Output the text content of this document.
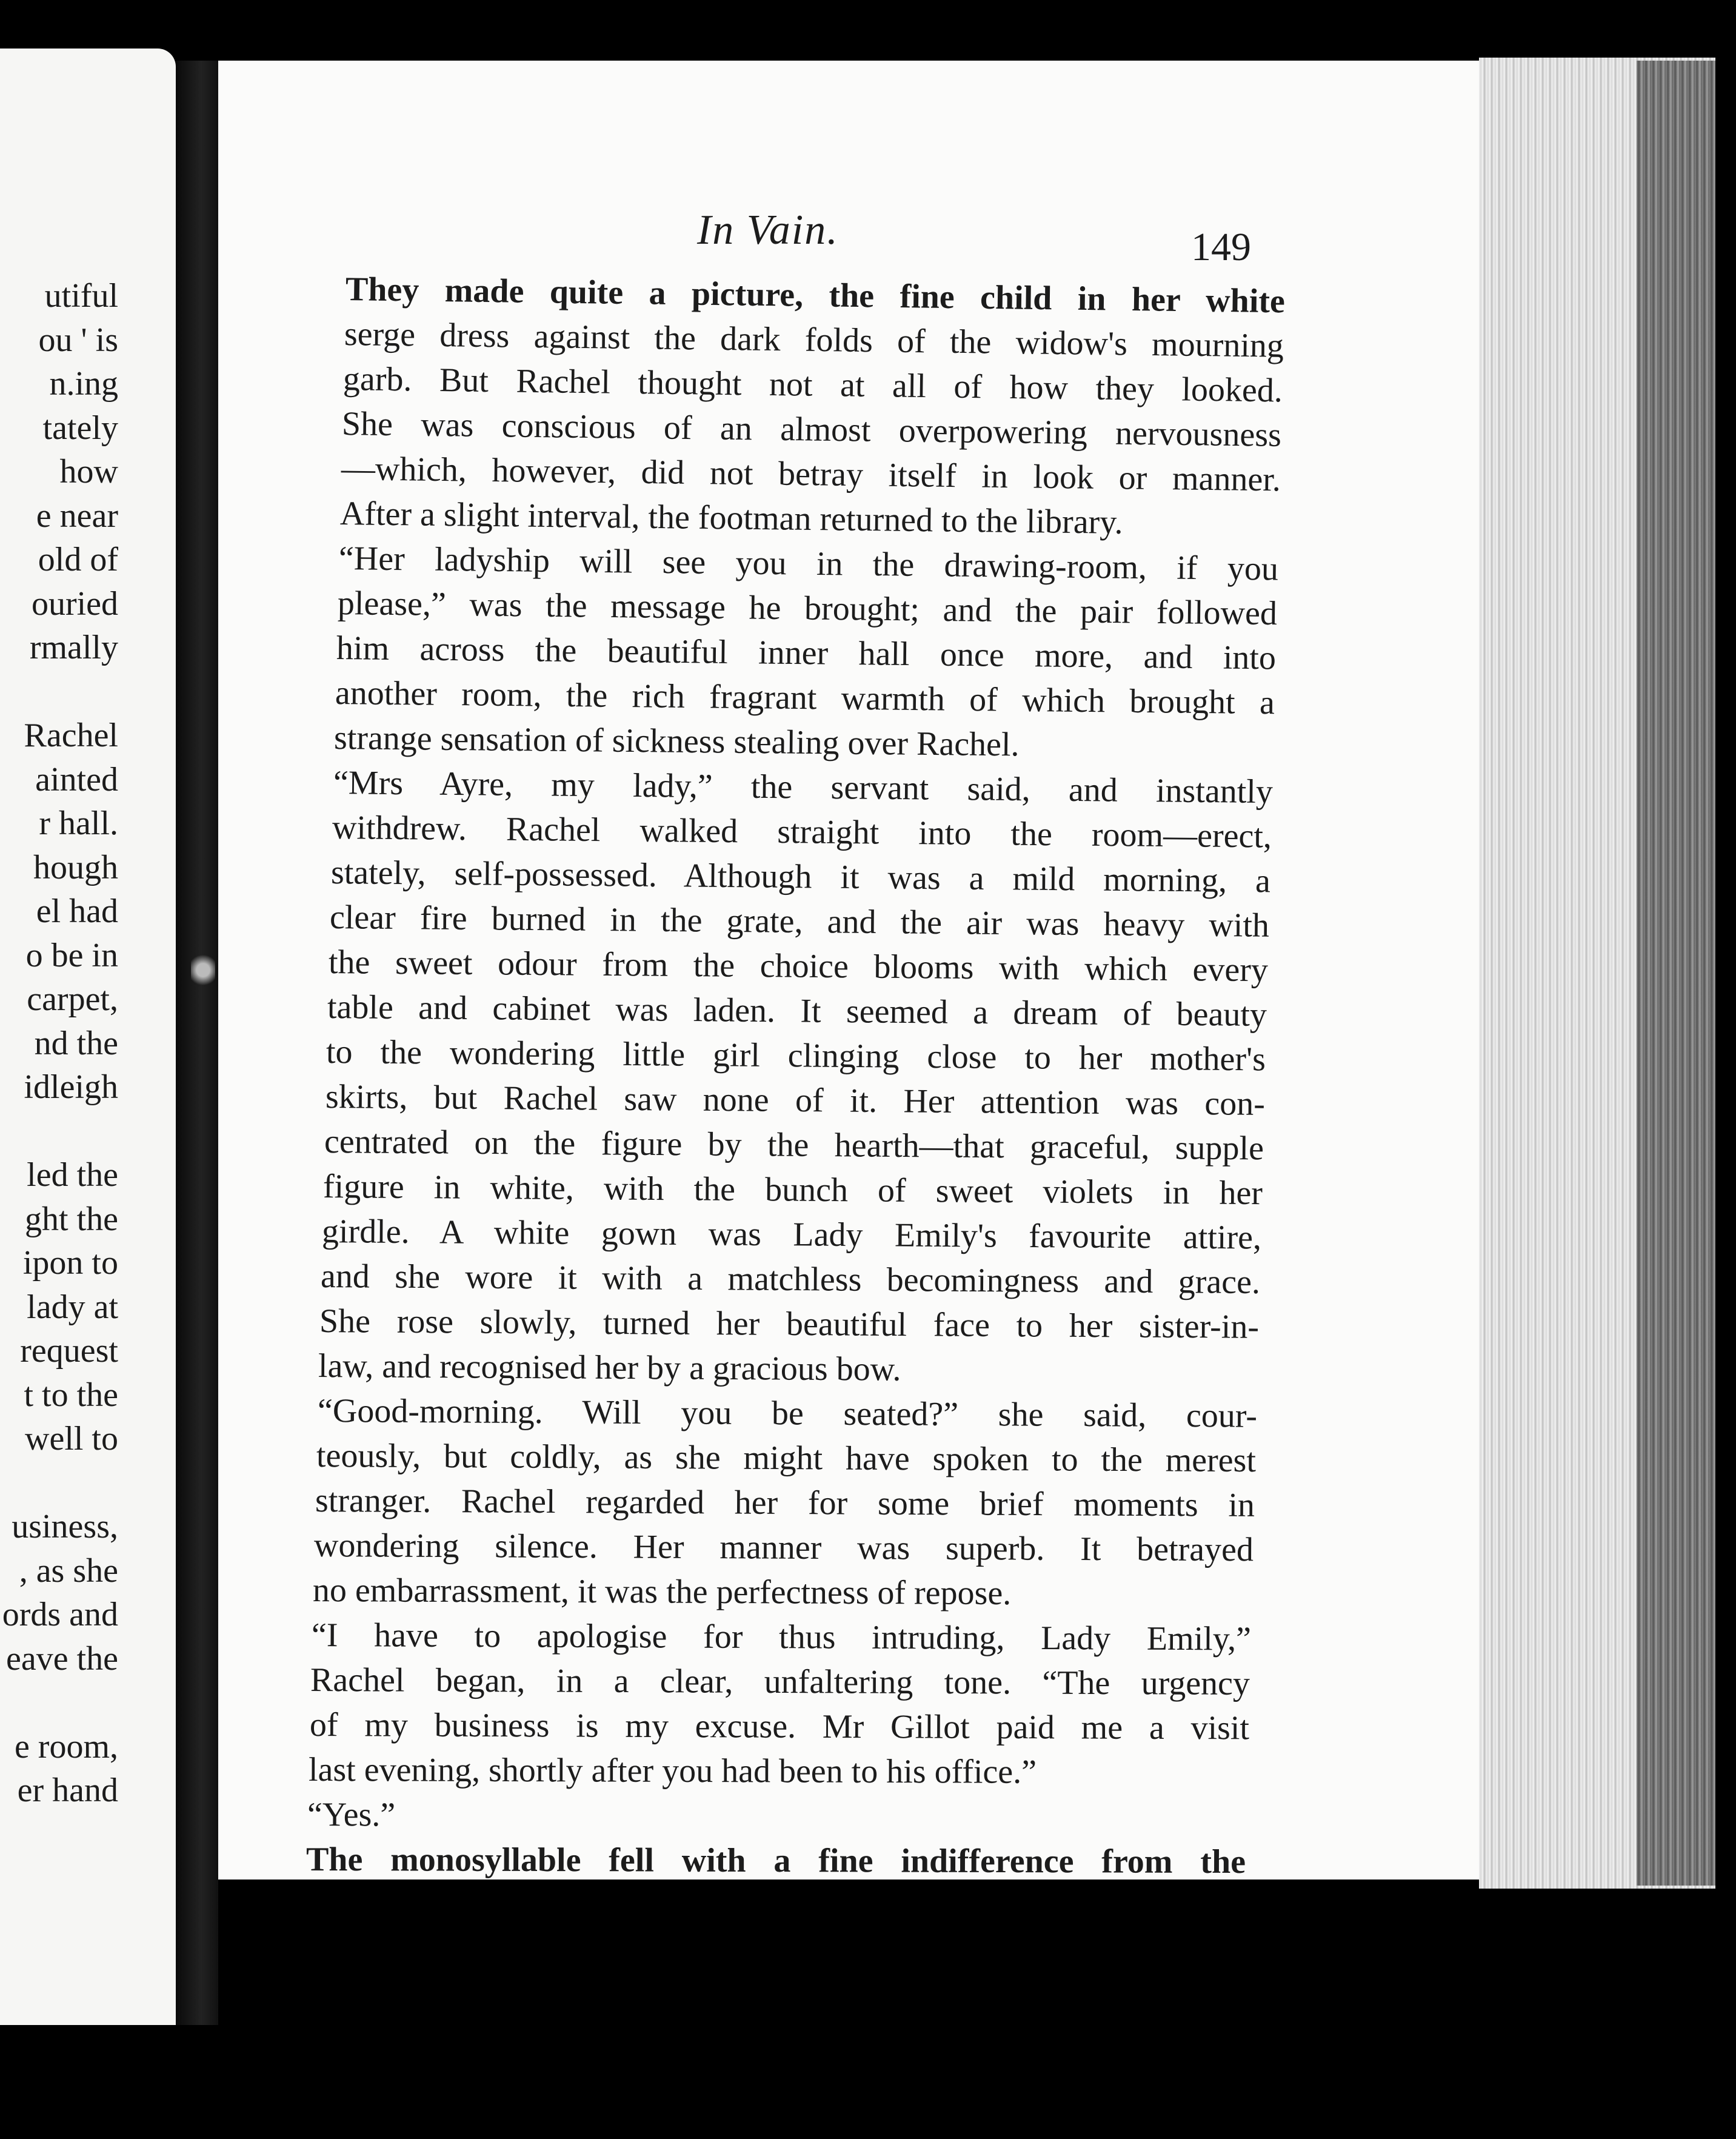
utiful
ou ' is
n.ing
tately
how
e near
old of
ouried
rmally
Rachel
ainted
r hall.
hough
el had
o be in
carpet,
nd the
idleigh
led the
ght the
ipon to
lady at
request
t to the
well to
usiness,
, as she
ords and
eave the
e room,
er hand
In Vain.	149
They made quite a picture, the fine child in her white
serge dress against the dark folds of the widow's mourning
garb. But Rachel thought not at all of how they looked.
She was conscious of an almost overpowering nervousness
—which, however, did not betray itself in look or manner.
After a slight interval, the footman returned to the library.
“Her ladyship will see you in the drawing-room, if you
please,” was the message he brought; and the pair followed
him across the beautiful inner hall once more, and into
another room, the rich fragrant warmth of which brought a
strange sensation of sickness stealing over Rachel.
“Mrs Ayre, my lady,” the servant said, and instantly
withdrew. Rachel walked straight into the room—erect,
stately, self-possessed. Although it was a mild morning, a
clear fire burned in the grate, and the air was heavy with
the sweet odour from the choice blooms with which every
table and cabinet was laden. It seemed a dream of beauty
to the wondering little girl clinging close to her mother's
skirts, but Rachel saw none of it. Her attention was con-
centrated on the figure by the hearth—that graceful, supple
figure in white, with the bunch of sweet violets in her
girdle. A white gown was Lady Emily's favourite attire,
and she wore it with a matchless becomingness and grace.
She rose slowly, turned her beautiful face to her sister-in-
law, and recognised her by a gracious bow.
“Good-morning. Will you be seated?” she said, cour-
teously, but coldly, as she might have spoken to the merest
stranger. Rachel regarded her for some brief moments in
wondering silence. Her manner was superb. It betrayed
no embarrassment, it was the perfectness of repose.
“I have to apologise for thus intruding, Lady Emily,”
Rachel began, in a clear, unfaltering tone. “The urgency
of my business is my excuse. Mr Gillot paid me a visit
last evening, shortly after you had been to his office.”
“Yes.”
The monosyllable fell with a fine indifference from the
